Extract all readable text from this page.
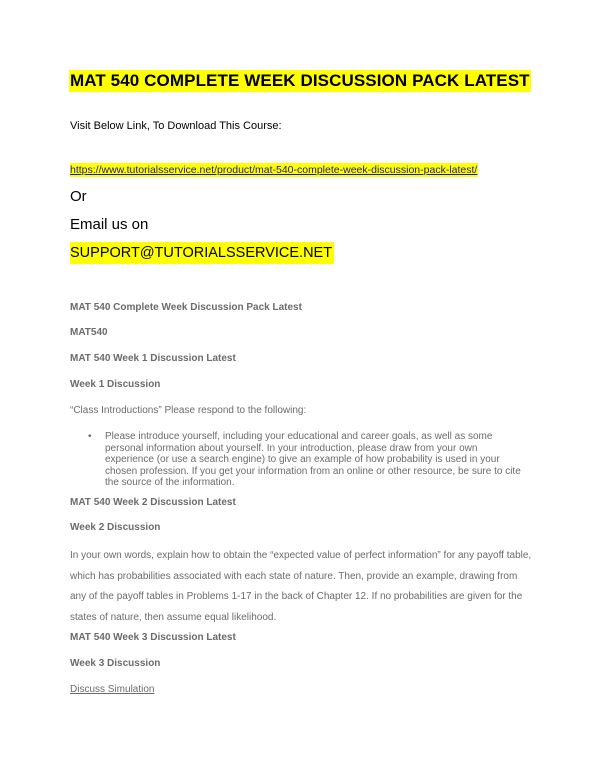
MAT 540 COMPLETE WEEK DISCUSSION PACK LATEST
Visit Below Link, To Download This Course:
https://www.tutorialsservice.net/product/mat-540-complete-week-discussion-pack-latest/
Or
Email us on
SUPPORT@TUTORIALSSERVICE.NET
MAT 540 Complete Week Discussion Pack Latest
MAT540
MAT 540 Week 1 Discussion Latest
Week 1 Discussion
“Class Introductions” Please respond to the following:
• Please introduce yourself, including your educational and career goals, as well as some personal information about yourself. In your introduction, please draw from your own experience (or use a search engine) to give an example of how probability is used in your chosen profession. If you get your information from an online or other resource, be sure to cite the source of the information.
MAT 540 Week 2 Discussion Latest
Week 2 Discussion
In your own words, explain how to obtain the “expected value of perfect information” for any payoff table, which has probabilities associated with each state of nature. Then, provide an example, drawing from any of the payoff tables in Problems 1-17 in the back of Chapter 12. If no probabilities are given for the states of nature, then assume equal likelihood.
MAT 540 Week 3 Discussion Latest
Week 3 Discussion
Discuss Simulation
